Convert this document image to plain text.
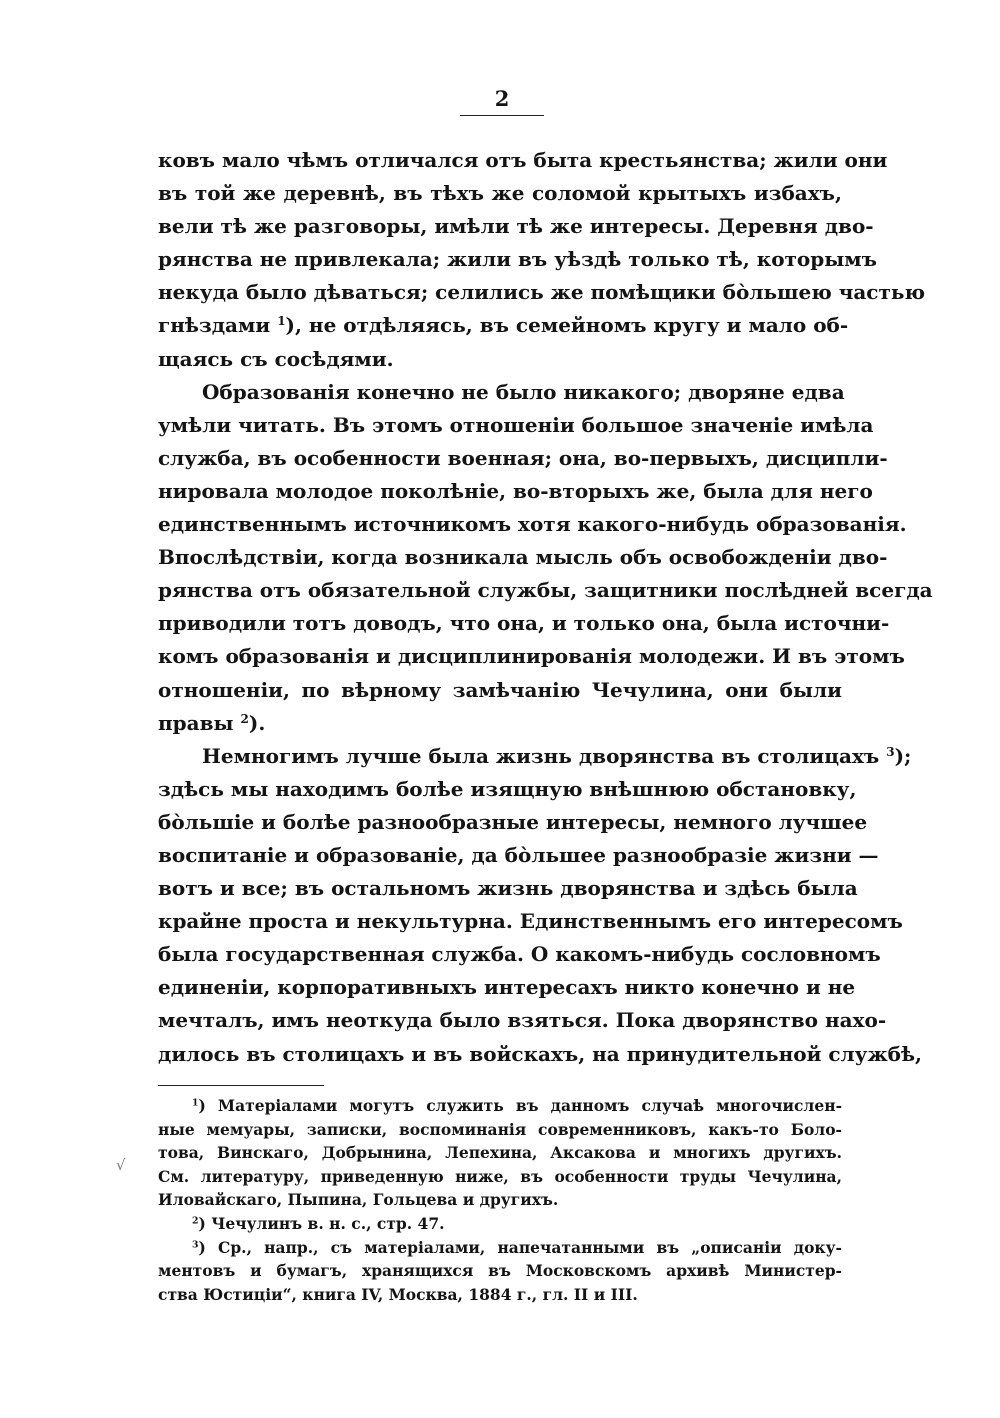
2

ковъ мало чѣмъ отличался отъ быта крестьянства; жили они
въ той же деревнѣ, въ тѣхъ же соломой крытыхъ избахъ,
вели тѣ же разговоры, имѣли тѣ же интересы. Деревня дво-
рянства не привлекала; жили въ уѣздѣ только тѣ, которымъ
некуда было дѣваться; селились же помѣщики бо̀льшею частью
гнѣздами $^1$), не отдѣляясь, въ семейномъ кругу и мало об-
щаясь съ сосѣдями.

Образованія конечно не было никакого; дворяне едва
умѣли читать. Въ этомъ отношеніи большое значеніе имѣла
служба, въ особенности военная; она, во-первыхъ, дисципли-
нировала молодое поколѣніе, во-вторыхъ же, была для него
единственнымъ источникомъ хотя какого-нибудь образованія.
Впослѣдствіи, когда возникала мысль объ освобожденіи дво-
рянства отъ обязательной службы, защитники послѣдней всегда
приводили тотъ доводъ, что она, и только она, была источни-
комъ образованія и дисциплинированія молодежи. И въ этомъ
отношеніи, по вѣрному замѣчанію Чечулина, они были
правы $^2$).

Немногимъ лучше была жизнь дворянства въ столицахъ $^3$);
здѣсь мы находимъ болѣе изящную внѣшнюю обстановку,
бо̀льшіе и болѣе разнообразные интересы, немного лучшее
воспитаніе и образованіе, да бо̀льшее разнообразіе жизни —
вотъ и все; въ остальномъ жизнь дворянства и здѣсь была
крайне проста и некультурна. Единственнымъ его интересомъ
была государственная служба. О какомъ-нибудь сословномъ
единеніи, корпоративныхъ интересахъ никто конечно и не
мечталъ, имъ неоткуда было взяться. Пока дворянство нахо-
дилось въ столицахъ и въ войскахъ, на принудительной службѣ,

$^1$) Матеріалами могутъ служить въ данномъ случаѣ многочислен-
ные мемуары, записки, воспоминанія современниковъ, какъ-то Боло-
това, Винскаго, Добрынина, Лепехина, Аксакова и многихъ другихъ.
См. литературу, приведенную ниже, въ особенности труды Чечулина,
Иловайскаго, Пыпина, Гольцева и другихъ.
$^2$) Чечулинъ в. н. с., стр. 47.
$^3$) Ср., напр., съ матеріалами, напечатанными въ „описаніи доку-
ментовъ и бумагъ, хранящихся въ Московскомъ архивѣ Министер-
ства Юстиціи“, книга IV, Москва, 1884 г., гл. II и III.
√
